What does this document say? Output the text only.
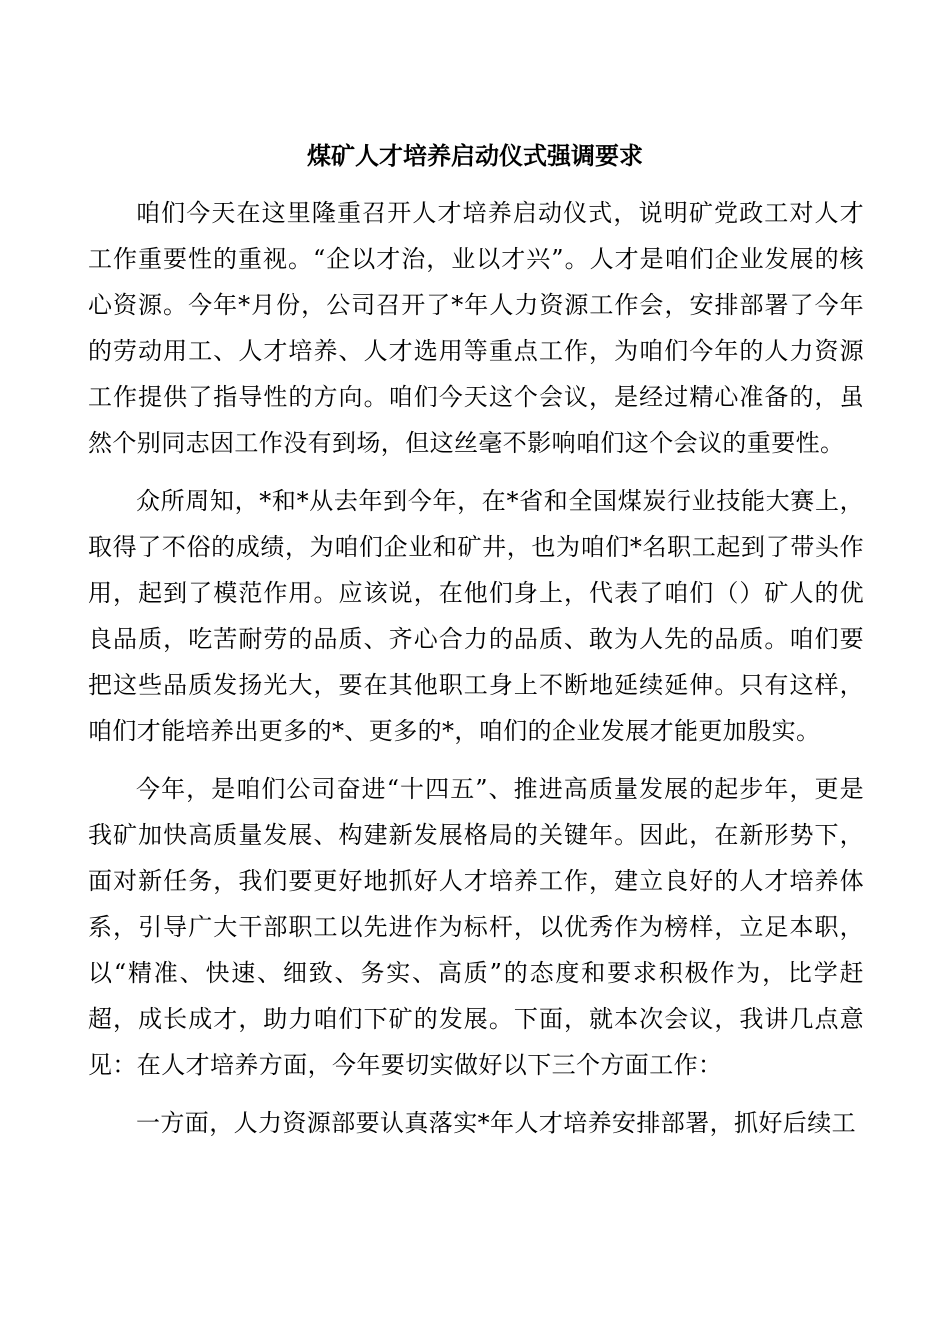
煤矿人才培养启动仪式强调要求

咱们今天在这里隆重召开人才培养启动仪式，说明矿党政工对人才工作重要性的重视。“企以才治，业以才兴”。人才是咱们企业发展的核心资源。今年*月份，公司召开了*年人力资源工作会，安排部署了今年的劳动用工、人才培养、人才选用等重点工作，为咱们今年的人力资源工作提供了指导性的方向。咱们今天这个会议，是经过精心准备的，虽然个别同志因工作没有到场，但这丝毫不影响咱们这个会议的重要性。

众所周知，*和*从去年到今年，在*省和全国煤炭行业技能大赛上，取得了不俗的成绩，为咱们企业和矿井，也为咱们*名职工起到了带头作用，起到了模范作用。应该说，在他们身上，代表了咱们（）矿人的优良品质，吃苦耐劳的品质、齐心合力的品质、敢为人先的品质。咱们要把这些品质发扬光大，要在其他职工身上不断地延续延伸。只有这样，咱们才能培养出更多的*、更多的*，咱们的企业发展才能更加殷实。

今年，是咱们公司奋进“十四五”、推进高质量发展的起步年，更是我矿加快高质量发展、构建新发展格局的关键年。因此，在新形势下，面对新任务，我们要更好地抓好人才培养工作，建立良好的人才培养体系，引导广大干部职工以先进作为标杆，以优秀作为榜样，立足本职，以“精准、快速、细致、务实、高质”的态度和要求积极作为，比学赶超，成长成才，助力咱们下矿的发展。下面，就本次会议，我讲几点意见：在人才培养方面，今年要切实做好以下三个方面工作：

一方面，人力资源部要认真落实*年人才培养安排部署，抓好后续工
